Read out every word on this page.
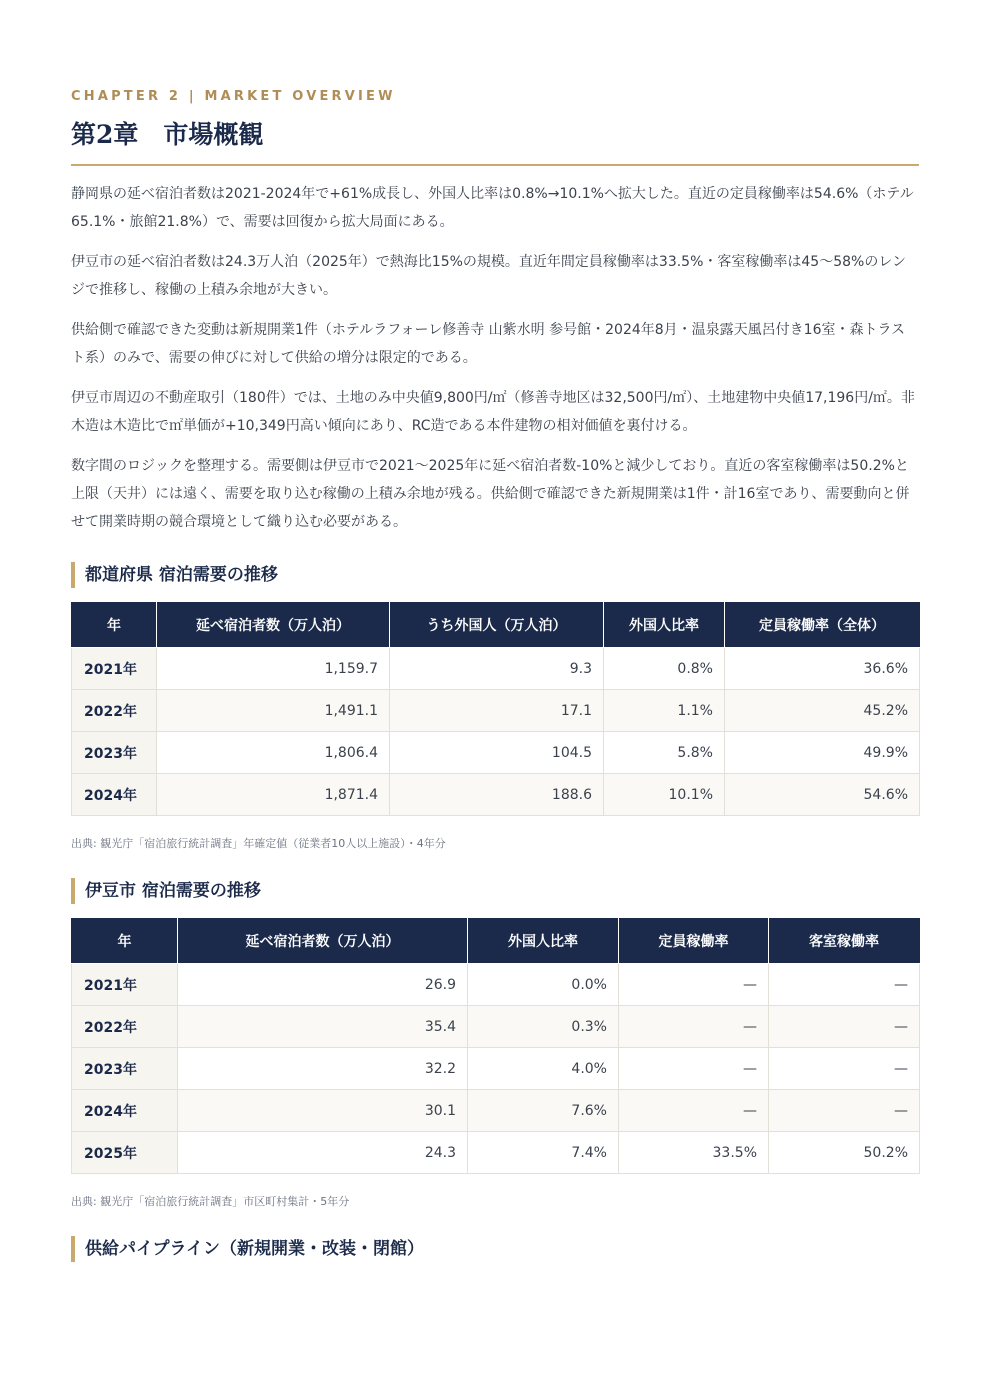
CHAPTER 2 | MARKET OVERVIEW
第2章　市場概観

静岡県の延べ宿泊者数は2021-2024年で+61%成長し、外国人比率は0.8%→10.1%へ拡大した。直近の定員稼働率は54.6%（ホテル65.1%・旅館21.8%）で、需要は回復から拡大局面にある。

伊豆市の延べ宿泊者数は24.3万人泊（2025年）で熱海比15%の規模。直近年間定員稼働率は33.5%・客室稼働率は45〜58%のレンジで推移し、稼働の上積み余地が大きい。

供給側で確認できた変動は新規開業1件（ホテルラフォーレ修善寺 山紫水明 参号館・2024年8月・温泉露天風呂付き16室・森トラスト系）のみで、需要の伸びに対して供給の増分は限定的である。

伊豆市周辺の不動産取引（180件）では、土地のみ中央値9,800円/㎡（修善寺地区は32,500円/㎡）、土地建物中央値17,196円/㎡。非木造は木造比で㎡単価が+10,349円高い傾向にあり、RC造である本件建物の相対価値を裏付ける。

数字間のロジックを整理する。需要側は伊豆市で2021〜2025年に延べ宿泊者数-10%と減少しており。直近の客室稼働率は50.2%と上限（天井）には遠く、需要を取り込む稼働の上積み余地が残る。供給側で確認できた新規開業は1件・計16室であり、需要動向と併せて開業時期の競合環境として織り込む必要がある。

都道府県 宿泊需要の推移
年	延べ宿泊者数（万人泊）	うち外国人（万人泊）	外国人比率	定員稼働率（全体）
2021年	1,159.7	9.3	0.8%	36.6%
2022年	1,491.1	17.1	1.1%	45.2%
2023年	1,806.4	104.5	5.8%	49.9%
2024年	1,871.4	188.6	10.1%	54.6%

出典: 観光庁「宿泊旅行統計調査」年確定値（従業者10人以上施設）・4年分

伊豆市 宿泊需要の推移
年	延べ宿泊者数（万人泊）	外国人比率	定員稼働率	客室稼働率
2021年	26.9	0.0%	—	—
2022年	35.4	0.3%	—	—
2023年	32.2	4.0%	—	—
2024年	30.1	7.6%	—	—
2025年	24.3	7.4%	33.5%	50.2%

出典: 観光庁「宿泊旅行統計調査」市区町村集計・5年分

供給パイプライン（新規開業・改装・閉館）
